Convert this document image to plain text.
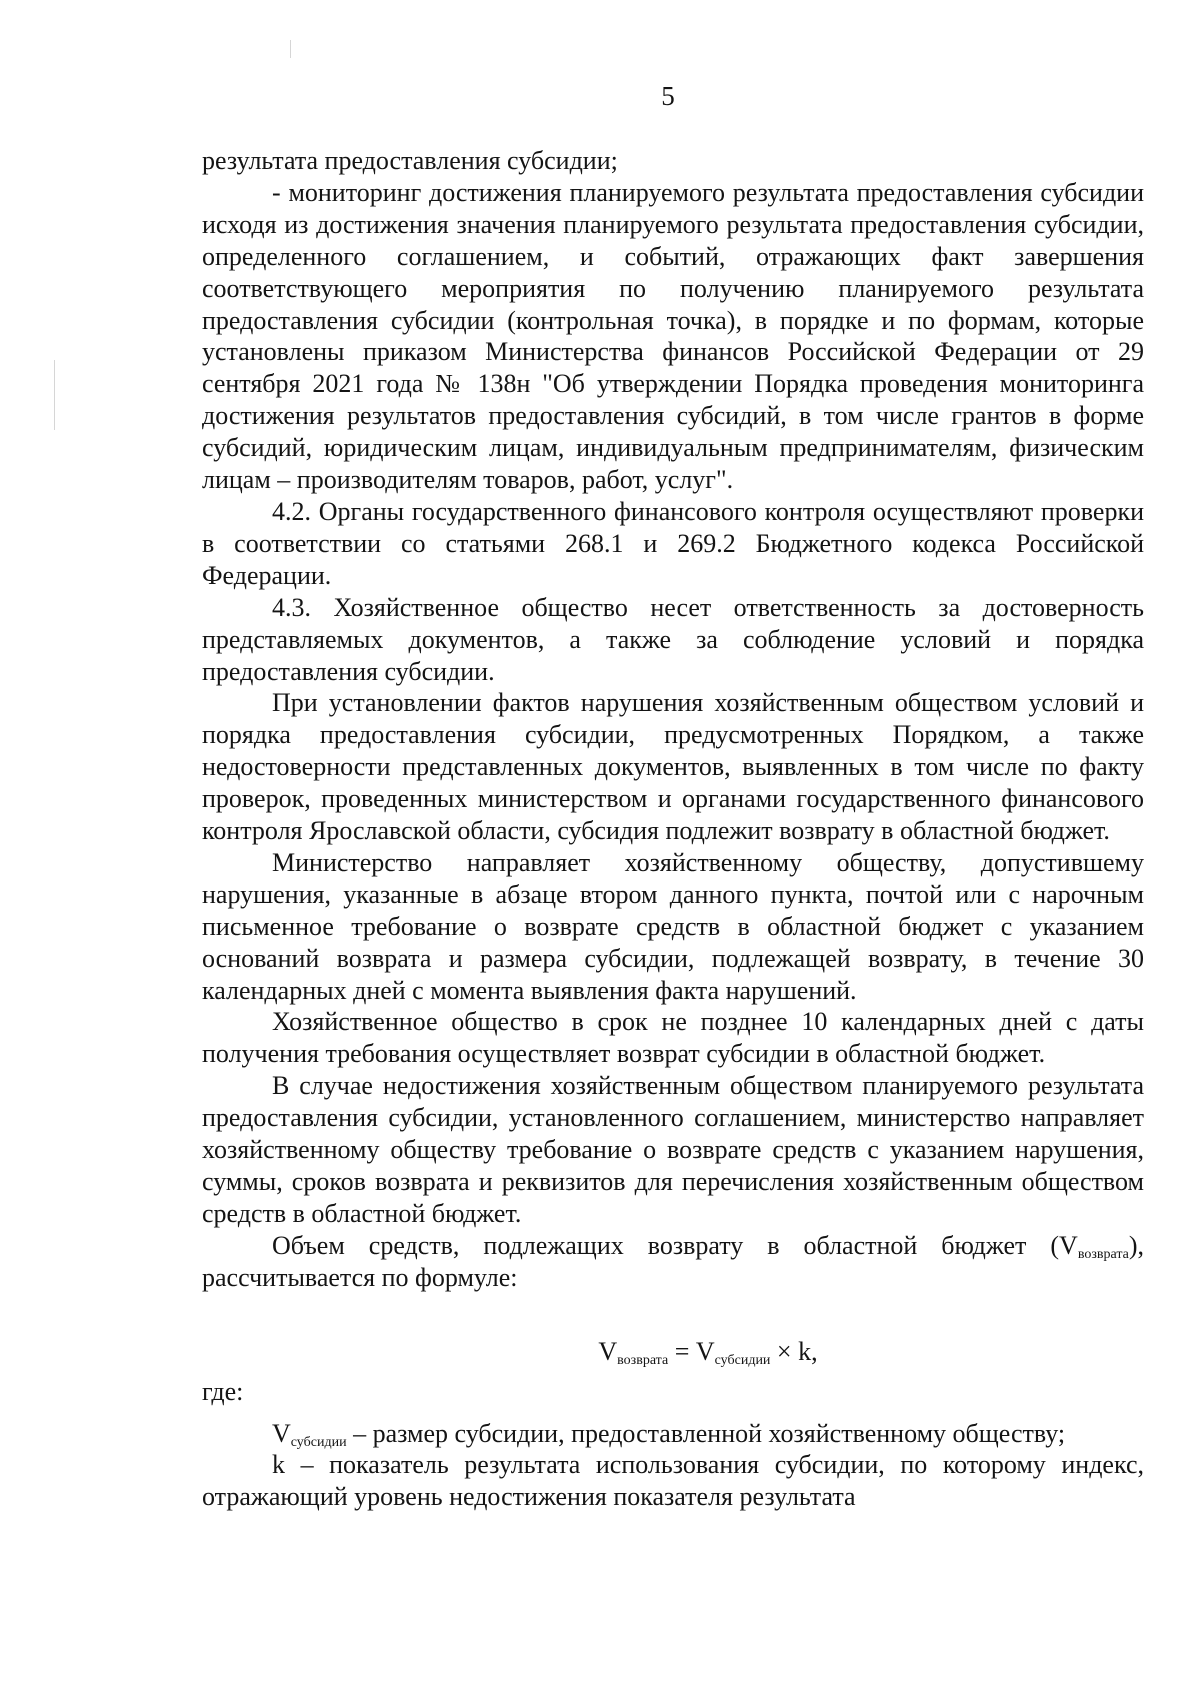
5

результата предоставления субсидии;

- мониторинг достижения планируемого результата предоставления субсидии исходя из достижения значения планируемого результата предоставления субсидии, определенного соглашением, и событий, отражающих факт завершения соответствующего мероприятия по получению планируемого результата предоставления субсидии (контрольная точка), в порядке и по формам, которые установлены приказом Министерства финансов Российской Федерации от 29 сентября 2021 года № 138н "Об утверждении Порядка проведения мониторинга достижения результатов предоставления субсидий, в том числе грантов в форме субсидий, юридическим лицам, индивидуальным предпринимателям, физическим лицам – производителям товаров, работ, услуг".

4.2. Органы государственного финансового контроля осуществляют проверки в соответствии со статьями 268.1 и 269.2 Бюджетного кодекса Российской Федерации.

4.3. Хозяйственное общество несет ответственность за достоверность представляемых документов, а также за соблюдение условий и порядка предоставления субсидии.

При установлении фактов нарушения хозяйственным обществом условий и порядка предоставления субсидии, предусмотренных Порядком, а также недостоверности представленных документов, выявленных в том числе по факту проверок, проведенных министерством и органами государственного финансового контроля Ярославской области, субсидия подлежит возврату в областной бюджет.

Министерство направляет хозяйственному обществу, допустившему нарушения, указанные в абзаце втором данного пункта, почтой или с нарочным письменное требование о возврате средств в областной бюджет с указанием оснований возврата и размера субсидии, подлежащей возврату, в течение 30 календарных дней с момента выявления факта нарушений.

Хозяйственное общество в срок не позднее 10 календарных дней с даты получения требования осуществляет возврат субсидии в областной бюджет.

В случае недостижения хозяйственным обществом планируемого результата предоставления субсидии, установленного соглашением, министерство направляет хозяйственному обществу требование о возврате средств с указанием нарушения, суммы, сроков возврата и реквизитов для перечисления хозяйственным обществом средств в областной бюджет.

Объем средств, подлежащих возврату в областной бюджет $(V_{возврата})$, рассчитывается по формуле:

$V_{возврата} = V_{субсидии} \times k$,

где:

$V_{субсидии}$ – размер субсидии, предоставленной хозяйственному обществу;

k – показатель результата использования субсидии, по которому индекс, отражающий уровень недостижения показателя результата
